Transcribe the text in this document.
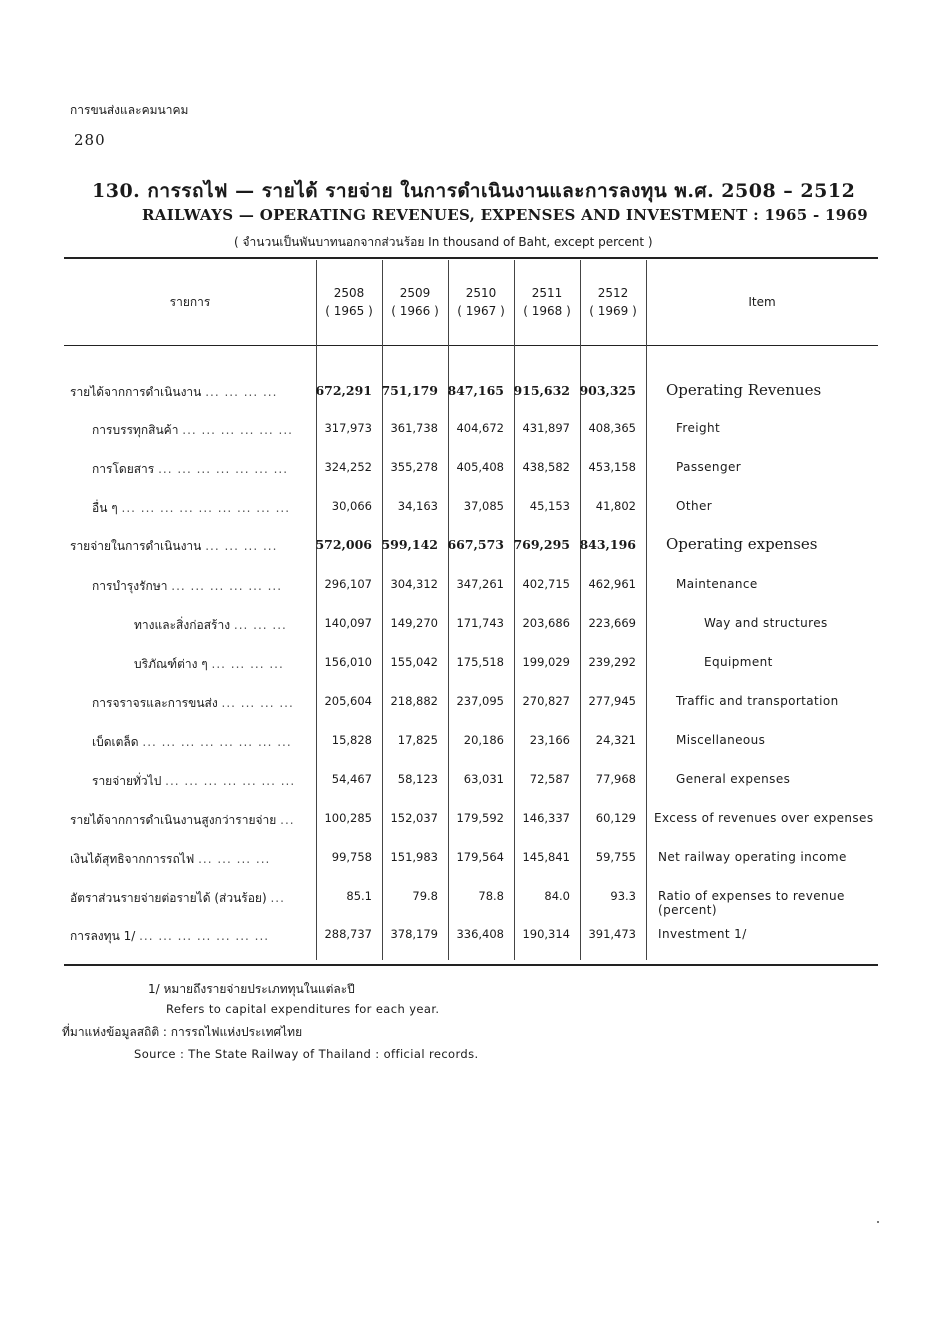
การขนส่งและคมนาคม
280
130. การรถไฟ — รายได้ รายจ่าย ในการดำเนินงานและการลงทุน พ.ศ. 2508 – 2512
RAILWAYS — OPERATING REVENUES, EXPENSES AND INVESTMENT : 1965 - 1969
( จำนวนเป็นพันบาทนอกจากส่วนร้อย In thousand of Baht, except percent )
รายการ	Item
2508
( 1965 )
2509
( 1966 )
2510
( 1967 )
2511
( 1968 )
2512
( 1969 )
รายได้จากการดำเนินงาน ... ... ... ...	672,291 751,179 847,165 915,632 903,325 Operating Revenues
การบรรทุกสินค้า ... ... ... ... ... ...	317,973	361,738	404,672	431,897	408,365	Freight
การโดยสาร ... ... ... ... ... ... ...	324,252	355,278	405,408	438,582	453,158	Passenger
อื่น ๆ ... ... ... ... ... ... ... ... ...	30,066	34,163	37,085	45,153	41,802	Other
รายจ่ายในการดำเนินงาน ... ... ... ...	572,006 599,142 667,573 769,295 843,196 Operating expenses
การบำรุงรักษา ... ... ... ... ... ...	296,107	304,312	347,261	402,715	462,961	Maintenance
ทางและสิ่งก่อสร้าง ... ... ...	140,097	149,270	171,743	203,686	223,669	Way and structures
บริภัณฑ์ต่าง ๆ ... ... ... ...	156,010	155,042	175,518	199,029	239,292	Equipment
การจราจรและการขนส่ง ... ... ... ...	205,604	218,882	237,095	270,827	277,945	Traffic and transportation
เบ็ดเตล็ด ... ... ... ... ... ... ... ...	15,828	17,825	20,186	23,166	24,321	Miscellaneous
รายจ่ายทั่วไป ... ... ... ... ... ... ...	54,467	58,123	63,031	72,587	77,968	General expenses
รายได้จากการดำเนินงานสูงกว่ารายจ่าย ...	100,285	152,037	179,592	146,337	60,129 Excess of revenues over expenses
เงินได้สุทธิจากการรถไฟ ... ... ... ...	99,758	151,983	179,564	145,841	59,755 Net railway operating income
อัตราส่วนรายจ่ายต่อรายได้ (ส่วนร้อย) ...	85.1	79.8	78.8	84.0	93.3 Ratio of expenses to revenue
(percent)
การลงทุน 1/ ... ... ... ... ... ... ...	288,737	378,179	336,408	190,314	391,473 Investment 1/
1/ หมายถึงรายจ่ายประเภททุนในแต่ละปี
Refers to capital expenditures for each year.
ที่มาแห่งข้อมูลสถิติ : การรถไฟแห่งประเทศไทย
Source : The State Railway of Thailand : official records.
